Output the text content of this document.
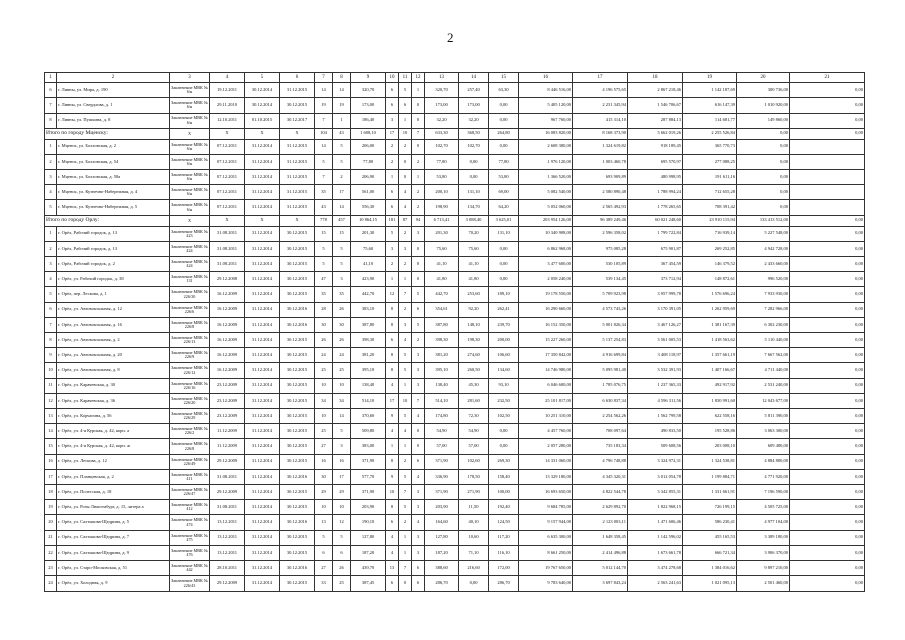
2
1	2	3	4	5	6	7	8	9	10	11	12	13	14	15	16	17	18	19	20	21
6	г. Ливны, ул. Мира, д. 190	Заключение МВК № 6/н	19.12.2011	30.12.2014	31.12.2015	14	14	320,70	6	5	1	320,70	257,40	63,30	8 446 516,00	4 196 575,65	2 867 218,46	1 142 187,69	300 736,00	0,00
7	г. Ливны, ул. Свердлова, д. 1	Заключение МВК № 6/н	29.11.2010	30.12.2014	30.12.2015	19	19	173,00	6	6	0	173,00	173,00	0,00	5 405 120,00	2 231 345,94	1 546 706,67	616 147,39	1 010 920,00	0,00
8	г. Ливны, ул. Пушкина, д. 8	Заключение МВК № 6/н	12.10.2011	01.10.2015	30.12.2017	7	1	186,40	3	1	0	32,20	32,20	0,00	967 760,00	415 314,10	287 884,13	114 681,77	149 860,00	0,00
Итого по городу Мценску:		Х	Х	Х	Х	104	43	1 608,10	17	10	7	633,30	368,50	264,80	16 083 820,00	8 168 373,90	5 662 019,26	2 255 526,84	0,00	0,00
1	г. Мценск, ул. Болховская, д. 2	Заключение МВК № 6/н	07.12.2011	31.12.2014	31.12.2015	14	5	206,00	2	2	0	102,70	102,70	0,00	2 608 380,00	1 324 619,82	918 189,45	365 770,73	0,00	
2	г. Мценск, ул. Болховская, д. 54	Заключение МВК № 6/н	07.12.2011	31.12.2014	31.12.2015	5	5	77,80	2	0	2	77,80	0,00	77,80	1 976 120,00	1 003 460,78	695 570,97	277 088,25	0,00	
3	г. Мценск, ул. Болховская, д. 58а	Заключение МВК № 6/н	07.12.2011	31.12.2014	31.12.2015	7	2	206,90	1	0	1	53,80	0,00	53,80	1 366 520,00	693 909,89	480 998,95	191 611,16	0,00	
4	г. Мценск, ул. Кузнечно-Набережная, д. 4	Заключение МВК № 6/н	07.12.2011	31.12.2014	31.12.2015	35	17	561,00	6	4	2	200,10	131,10	69,00	5 082 540,00	2 580 890,48	1 788 994,24	712 655,28	0,00	
5	г. Мценск, ул. Кузнечно-Набережная, д. 5	Заключение МВК № 6/н	07.12.2011	31.12.2014	31.12.2015	43	14	556,30	6	4	2	198,90	134,70	64,20	5 052 060,00	2 565 492,93	1 778 265,65	708 391,42	0,00	
Итого по городу Орлу:		Х	Х	Х	Х	778	457	10 864,15	181	87	94	6 713,41	3 088,40	3 625,01	203 954 126,00	96 389 249,46	60 021 248,60	23 910 115,94	133 413 512,00	0,00
1	г. Орёл, Рабочий городок, д. 13	Заключение МВК № 423	31.08.2011	31.12.2014	30.12.2015	15	15	201,30	5	2	3	201,30	70,20	131,10	10 340 908,00	2 596 358,02	1 799 722,84	716 939,14	5 227 548,00	0,00
2	г. Орёл, Рабочий городок, д. 13	Заключение МВК № 424	31.08.2011	31.12.2014	30.12.2015	5	5	75,60	3	3	0	75,60	75,60	0,00	6 862 968,00	975 085,28	675 901,87	269 252,85	4 942 728,00	0,00
3	г. Орёл, Рабочий городок, д. 2	Заключение МВК № 424	31.08.2011	31.12.2014	30.12.2015	5	5	41,10	2	2	0	41,10	41,10	0,00	3 477 600,00	530 105,89	367 454,59	146 379,52	2 433 660,00	0,00
4	г. Орёл, ул. Рабочий городок, д. 38	Заключение МВК № 131	29.12.2008	31.12.2014	30.12.2015	47	3	423,90	1	1	0	41,80	41,80	0,00	2 058 240,00	539 134,45	373 712,94	148 872,61	996 520,00	0,00
5	г. Орёл, пер. Лескова, д. 1	Заключение МВК № 226/30	16.12.2009	31.12.2014	30.12.2015	35	35	442,70	12	7	5	442,70	253,60	189,10	19 178 550,00	5 709 923,98	3 957 999,78	1 576 696,24	7 933 930,00	0,00
6	г. Орёл, ул. Автовокзальная, д. 12	Заключение МВК № 226/6	16.12.2009	31.12.2014	30.12.2016	28	26	383,10	8	2	6	354,61	92,20	262,41	16 290 660,00	4 573 743,26	3 170 391,05	1 262 959,69	7 282 966,00	0,00
7	г. Орёл, ул. Автовокзальная, д. 16	Заключение МВК № 226/8	16.12.2009	31.12.2014	30.12.2016	30	30	387,80	8	3	5	387,80	148,10	239,70	16 152 350,00	5 001 826,34	3 467 126,27	1 381 167,39	6 302 230,00	0,00
8	г. Орёл, ул. Автовокзальная, д. 2	Заключение МВК № 226/13	16.12.2009	31.12.2014	30.12.2015	26	26	398,30	6	4	2	398,30	198,30	200,00	15 227 260,00	5 137 254,83	3 561 005,53	1 418 563,62	5 110 440,00	0,00
9	г. Орёл, ул. Автовокзальная, д. 20	Заключение МВК № 226/9	16.12.2009	31.12.2014	30.12.2015	24	24	381,20	8	5	3	381,20	274,60	106,60	17 350 842,00	4 916 699,84	3 408 118,97	1 357 661,19	7 667 562,00	0,00
10	г. Орёл, ул. Автовокзальная, д. 8	Заключение МВК № 226/12	16.12.2009	31.12.2014	30.12.2015	25	25	395,10	8	5	3	395,10	260,50	134,60	14 746 980,00	5 095 981,40	3 532 391,93	1 407 166,67	4 711 440,00	0,00
11	г. Орёл, ул. Карачевская, д. 30	Заключение МВК № 226/16	23.12.2009	31.12.2014	30.12.2015	10	10	138,40	4	1	3	138,40	45,30	93,10	6 046 600,00	1 785 076,75	1 237 365,33	492 917,92	2 531 240,00	0,00
12	г. Орёл, ул. Карачевская, д. 36	Заключение МВК № 226/20	23.12.2009	31.12.2014	30.12.2015	34	34	514,10	17	10	7	514,10	281,60	232,50	25 101 817,00	6 630 837,34	4 596 311,56	1 830 991,60	12 043 677,00	0,00
13	г. Орёл, ул. Корчагина, д. 56	Заключение МВК № 226/29	23.12.2009	31.12.2014	30.12.2015	10	14	370,60	9	5	4	174,80	72,30	102,50	10 251 310,00	2 254 562,26	1 562 799,58	622 558,16	5 811 390,00	0,00
14	г. Орёл, ул. 4-я Курская, д. 42, корп. а	Заключение МВК № 226/2	11.12.2009	31.12.2014	30.12.2015	25	5	509,80	4	4	0	54,90	54,90	0,00	4 457 760,00	708 097,64	490 833,50	195 528,86	3 063 300,00	0,00
15	г. Орёл, ул. 4-я Курская, д. 42, корп. ж	Заключение МВК № 226/8	11.12.2009	31.12.2014	30.12.2015	27	3	383,00	1	1	0	57,00	57,00	0,00	2 057 280,00	735 183,34	509 608,56	203 008,10	609 480,00	0,00
16	г. Орёл, ул. Лескова, д. 12	Заключение МВК № 226/49	29.12.2009	31.12.2014	30.12.2015	16	16	371,90	8	2	6	371,90	102,60	269,30	14 331 060,00	4 796 748,88	3 324 972,31	1 324 538,81	4 884 800,00	0,00
17	г. Орёл, ул. Планцевская, д. 2	Заключение МВК № 411	31.08.2011	31.12.2014	30.12.2016	30	17	577,70	9	5	4	336,90	178,50	158,40	13 329 180,00	4 345 320,31	3 012 054,78	1 199 884,71	4 771 920,00	0,00
18	г. Орёл, ул. Полесская, д. 18	Заключение МВК № 226/47	29.12.2009	31.12.2014	30.12.2015	29	29	371,90	10	7	3	371,90	271,90	100,00	16 693 650,00	4 822 544,78	3 342 855,31	1 331 661,91	7 196 590,00	0,00
19	г. Орёл, ул. Розы Люксембург, д. 15, литера а	Заключение МВК № 412	31.08.2011	31.12.2014	30.12.2015	10	10	203,90	8	5	3	203,90	11,50	192,40	9 684 785,00	2 629 892,70	1 822 968,15	726 199,15	4 505 725,00	0,00
20	г. Орёл, ул. Салтыкова-Щедрина, д. 5	Заключение МВК № 474	13.12.2011	31.12.2014	30.12.2016	13	12	190,10	6	2	4	164,60	40,10	124,50	9 157 944,00	2 123 003,11	1 471 606,46	586 230,41	4 977 104,00	0,00
21	г. Орёл, ул. Салтыкова-Щедрина, д. 7	Заключение МВК № 475	13.12.2011	31.12.2014	30.12.2015	5	5	127,80	4	1	3	127,80	10,60	117,20	6 635 300,00	1 648 358,45	1 142 596,02	455 165,53	3 389 180,00	0,00
22	г. Орёл, ул. Салтыкова-Щедрина, д. 9	Заключение МВК № 476	13.12.2011	31.12.2014	30.12.2015	6	6	187,20	4	1	3	187,20	71,10	116,10	8 661 250,00	2 414 496,88	1 673 661,78	666 721,34	3 906 370,00	0,00
23	г. Орёл, ул. Старо-Московская, д. 51	Заключение МВК № 442	28.10.2011	31.12.2014	30.12.2016	27	26	439,70	13	7	6	388,60	216,60	172,00	19 767 650,00	5 012 144,70	3 474 278,68	1 384 016,62	9 897 210,00	0,00
24	г. Орёл, ул. Холодная, д. 9	Заключение МВК № 226/43	29.12.2009	31.12.2014	30.12.2015	33	25	387,45	6	0	6	286,70	0,00	286,70	9 783 640,00	3 697 843,24	2 563 241,63	1 021 095,13	2 501 460,00	0,00
